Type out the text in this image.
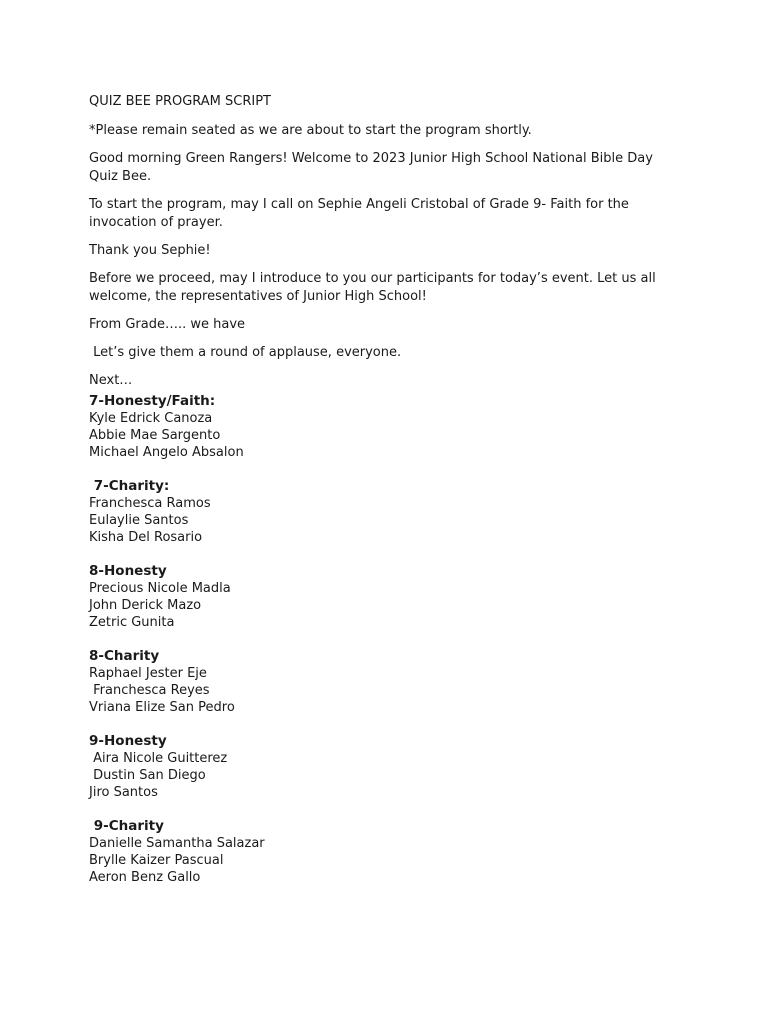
QUIZ BEE PROGRAM SCRIPT
*Please remain seated as we are about to start the program shortly.
Good morning Green Rangers! Welcome to 2023 Junior High School National Bible Day Quiz Bee.
To start the program, may I call on Sephie Angeli Cristobal of Grade 9- Faith for the invocation of prayer.
Thank you Sephie!
Before we proceed, may I introduce to you our participants for today’s event. Let us all welcome, the representatives of Junior High School!
From Grade….. we have
Let’s give them a round of applause, everyone.
Next…
7-Honesty/Faith:
Kyle Edrick Canoza
Abbie Mae Sargento
Michael Angelo Absalon
7-Charity:
Franchesca Ramos
Eulaylie Santos
Kisha Del Rosario
8-Honesty
Precious Nicole Madla
John Derick Mazo
Zetric Gunita
8-Charity
Raphael Jester Eje
Franchesca Reyes
Vriana Elize San Pedro
9-Honesty
Aira Nicole Guitterez
Dustin San Diego
Jiro Santos
9-Charity
Danielle Samantha Salazar
Brylle Kaizer Pascual
Aeron Benz Gallo
